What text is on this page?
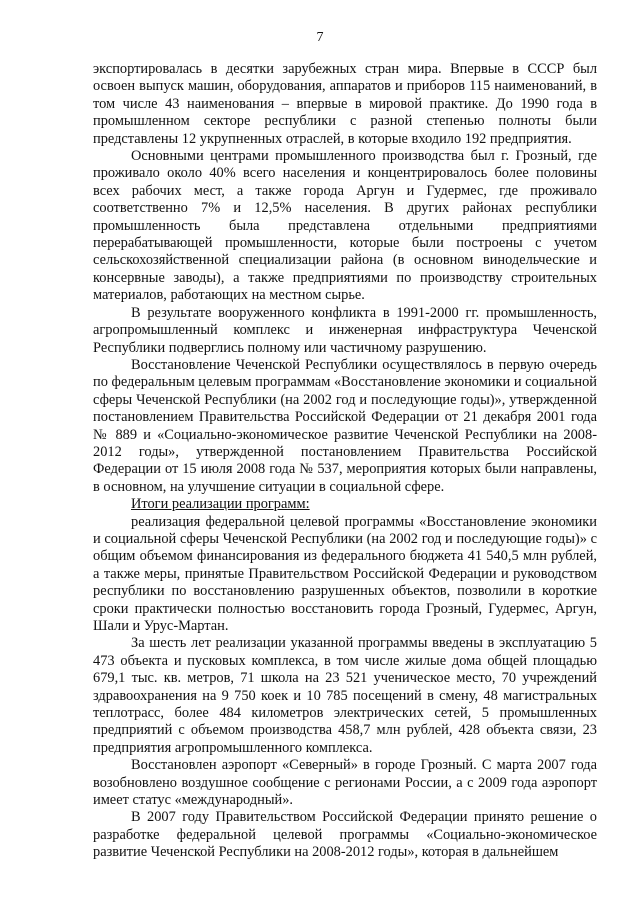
7

экспортировалась в десятки зарубежных стран мира. Впервые в СССР был освоен выпуск машин, оборудования, аппаратов и приборов 115 наименований, в том числе 43 наименования – впервые в мировой практике. До 1990 года в промышленном секторе республики с разной степенью полноты были представлены 12 укрупненных отраслей, в которые входило 192 предприятия.

Основными центрами промышленного производства был г. Грозный, где проживало около 40% всего населения и концентрировалось более половины всех рабочих мест, а также города Аргун и Гудермес, где проживало соответственно 7% и 12,5% населения. В других районах республики промышленность была представлена отдельными предприятиями перерабатывающей промышленности, которые были построены с учетом сельскохозяйственной специализации района (в основном винодельческие и консервные заводы), а также предприятиями по производству строительных материалов, работающих на местном сырье.

В результате вооруженного конфликта в 1991-2000 гг. промышленность, агропромышленный комплекс и инженерная инфраструктура Чеченской Республики подверглись полному или частичному разрушению.

Восстановление Чеченской Республики осуществлялось в первую очередь по федеральным целевым программам «Восстановление экономики и социальной сферы Чеченской Республики (на 2002 год и последующие годы)», утвержденной постановлением Правительства Российской Федерации от 21 декабря 2001 года № 889 и «Социально-экономическое развитие Чеченской Республики на 2008-2012 годы», утвержденной постановлением Правительства Российской Федерации от 15 июля 2008 года № 537, мероприятия которых были направлены, в основном, на улучшение ситуации в социальной сфере.

Итоги реализации программ:

реализация федеральной целевой программы «Восстановление экономики и социальной сферы Чеченской Республики (на 2002 год и последующие годы)» с общим объемом финансирования из федерального бюджета 41 540,5 млн рублей, а также меры, принятые Правительством Российской Федерации и руководством республики по восстановлению разрушенных объектов, позволили в короткие сроки практически полностью восстановить города Грозный, Гудермес, Аргун, Шали и Урус-Мартан.

За шесть лет реализации указанной программы введены в эксплуатацию 5 473 объекта и пусковых комплекса, в том числе жилые дома общей площадью 679,1 тыс. кв. метров, 71 школа на 23 521 ученическое место, 70 учреждений здравоохранения на 9 750 коек и 10 785 посещений в смену, 48 магистральных теплотрасс, более 484 километров электрических сетей, 5 промышленных предприятий с объемом производства 458,7 млн рублей, 428 объекта связи, 23 предприятия агропромышленного комплекса.

Восстановлен аэропорт «Северный» в городе Грозный. С марта 2007 года возобновлено воздушное сообщение с регионами России, а с 2009 года аэропорт имеет статус «международный».

В 2007 году Правительством Российской Федерации принято решение о разработке федеральной целевой программы «Социально-экономическое развитие Чеченской Республики на 2008-2012 годы», которая в дальнейшем
